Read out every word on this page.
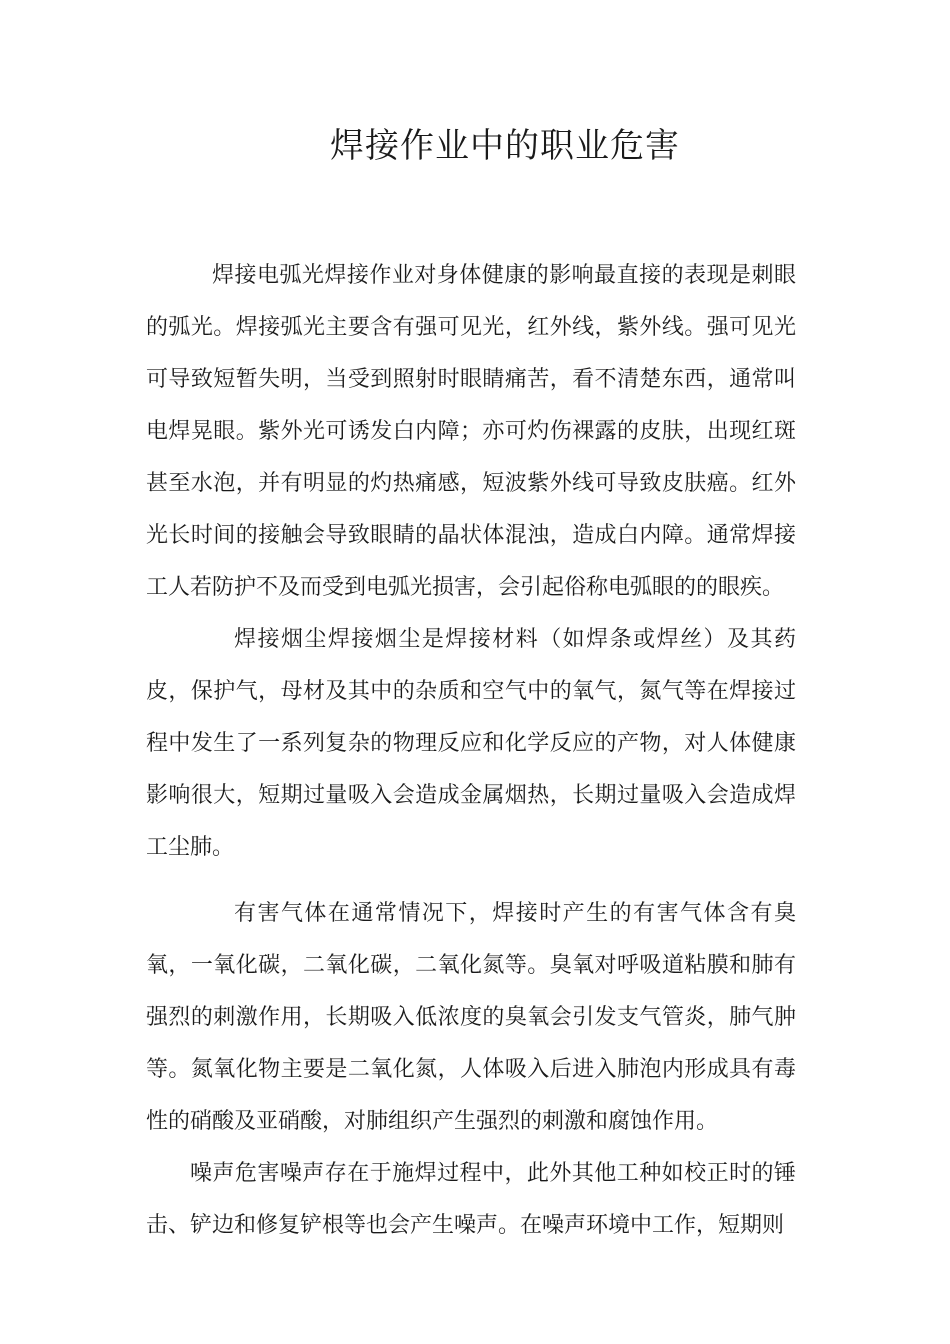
焊接作业中的职业危害

焊接电弧光焊接作业对身体健康的影响最直接的表现是刺眼的弧光。焊接弧光主要含有强可见光，红外线，紫外线。强可见光可导致短暂失明，当受到照射时眼睛痛苦，看不清楚东西，通常叫电焊晃眼。紫外光可诱发白内障；亦可灼伤裸露的皮肤，出现红斑甚至水泡，并有明显的灼热痛感，短波紫外线可导致皮肤癌。红外光长时间的接触会导致眼睛的晶状体混浊，造成白内障。通常焊接工人若防护不及而受到电弧光损害，会引起俗称电弧眼的的眼疾。

焊接烟尘焊接烟尘是焊接材料（如焊条或焊丝）及其药皮，保护气，母材及其中的杂质和空气中的氧气，氮气等在焊接过程中发生了一系列复杂的物理反应和化学反应的产物，对人体健康影响很大，短期过量吸入会造成金属烟热，长期过量吸入会造成焊工尘肺。

有害气体在通常情况下，焊接时产生的有害气体含有臭氧，一氧化碳，二氧化碳，二氧化氮等。臭氧对呼吸道粘膜和肺有强烈的刺激作用，长期吸入低浓度的臭氧会引发支气管炎，肺气肿等。氮氧化物主要是二氧化氮，人体吸入后进入肺泡内形成具有毒性的硝酸及亚硝酸，对肺组织产生强烈的刺激和腐蚀作用。

噪声危害噪声存在于施焊过程中，此外其他工种如校正时的锤击、铲边和修复铲根等也会产生噪声。在噪声环境中工作，短期则
